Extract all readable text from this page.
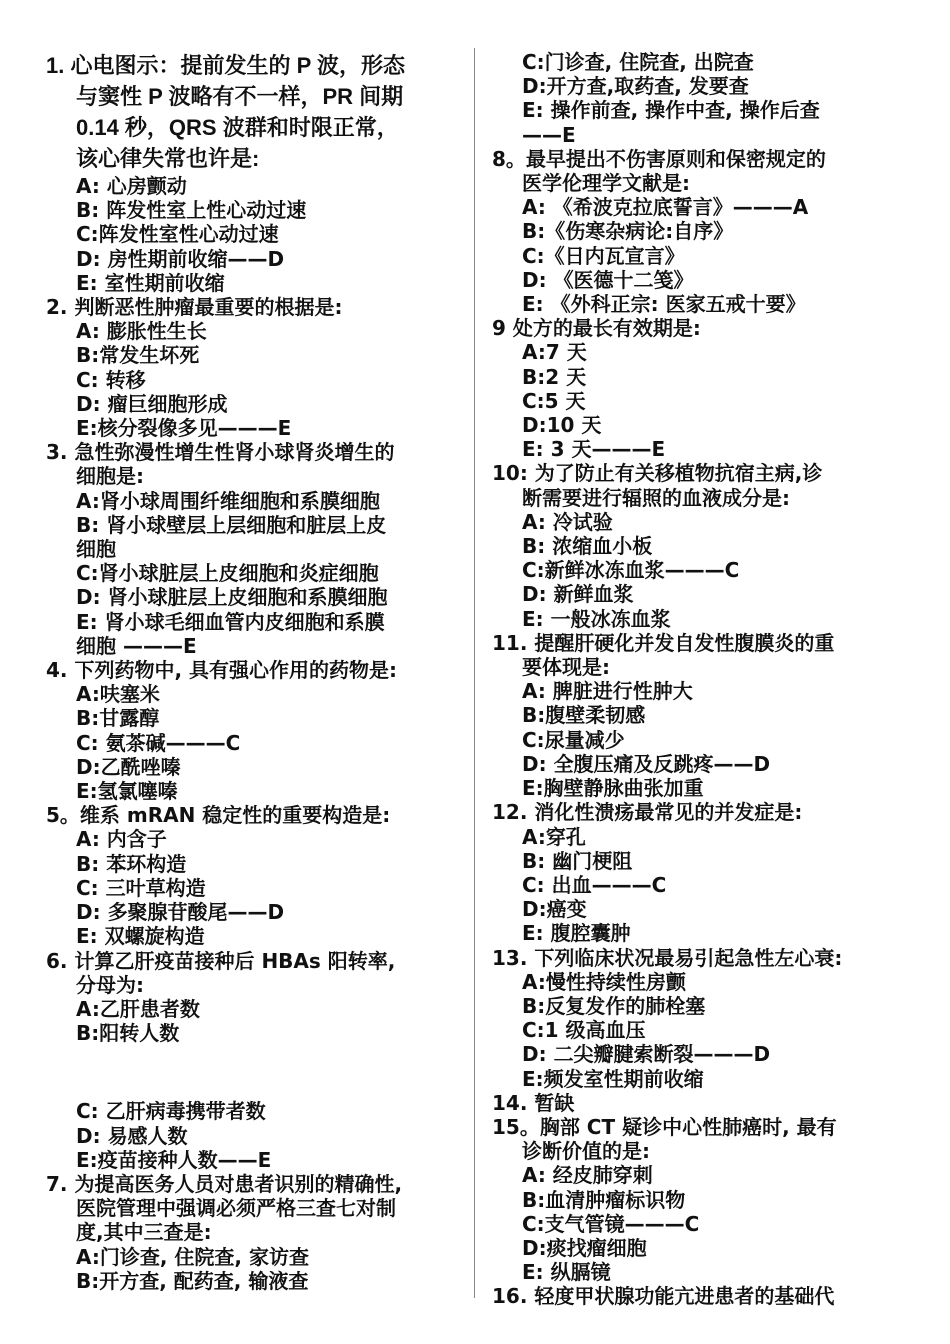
1. 心电图示：提前发生的 P 波，形态
与窦性 P 波略有不一样，PR 间期
0.14 秒，QRS 波群和时限正常，
该心律失常也许是:
A: 心房颤动
B: 阵发性室上性心动过速
C:阵发性室性心动过速
D: 房性期前收缩——D
E: 室性期前收缩
2. 判断恶性肿瘤最重要的根据是:
A: 膨胀性生长
B:常发生坏死
C: 转移
D: 瘤巨细胞形成
E:核分裂像多见———E
3. 急性弥漫性增生性肾小球肾炎增生的
细胞是:
A:肾小球周围纤维细胞和系膜细胞
B: 肾小球壁层上层细胞和脏层上皮
细胞
C:肾小球脏层上皮细胞和炎症细胞
D: 肾小球脏层上皮细胞和系膜细胞
E: 肾小球毛细血管内皮细胞和系膜
细胞 ———E
4. 下列药物中, 具有强心作用的药物是:
A:呋塞米
B:甘露醇
C: 氨茶碱———C
D:乙酰唑嗪
E:氢氯噻嗪
5。维系 mRAN 稳定性的重要构造是:
A: 内含子
B: 苯环构造
C: 三叶草构造
D: 多聚腺苷酸尾——D
E: 双螺旋构造
6. 计算乙肝疫苗接种后 HBAs 阳转率,
分母为:
A:乙肝患者数
B:阳转人数
C: 乙肝病毒携带者数
D: 易感人数
E:疫苗接种人数——E
7. 为提高医务人员对患者识别的精确性,
医院管理中强调必须严格三查七对制
度,其中三查是:
A:门诊查, 住院查, 家访查
B:开方查, 配药查, 输液查
C:门诊查, 住院查, 出院查
D:开方查,取药查, 发要查
E: 操作前查, 操作中查, 操作后查
——E
8。最早提出不伤害原则和保密规定的
医学伦理学文献是:
A: 《希波克拉底誓言》———A
B:《伤寒杂病论:自序》
C:《日内瓦宣言》
D: 《医德十二笺》
E: 《外科正宗: 医家五戒十要》
9 处方的最长有效期是:
A:7 天
B:2 天
C:5 天
D:10 天
E: 3 天———E
10: 为了防止有关移植物抗宿主病,诊
断需要进行辐照的血液成分是:
A: 冷试验
B: 浓缩血小板
C:新鲜冰冻血浆———C
D: 新鲜血浆
E: 一般冰冻血浆
11. 提醒肝硬化并发自发性腹膜炎的重
要体现是:
A: 脾脏进行性肿大
B:腹壁柔韧感
C:尿量减少
D: 全腹压痛及反跳疼——D
E:胸壁静脉曲张加重
12. 消化性溃疡最常见的并发症是:
A:穿孔
B: 幽门梗阻
C: 出血———C
D:癌变
E: 腹腔囊肿
13. 下列临床状况最易引起急性左心衰:
A:慢性持续性房颤
B:反复发作的肺栓塞
C:1 级高血压
D: 二尖瓣腱索断裂———D
E:频发室性期前收缩
14. 暂缺
15。胸部 CT 疑诊中心性肺癌时, 最有
诊断价值的是:
A: 经皮肺穿刺
B:血清肿瘤标识物
C:支气管镜———C
D:痰找瘤细胞
E: 纵膈镜
16. 轻度甲状腺功能亢进患者的基础代
